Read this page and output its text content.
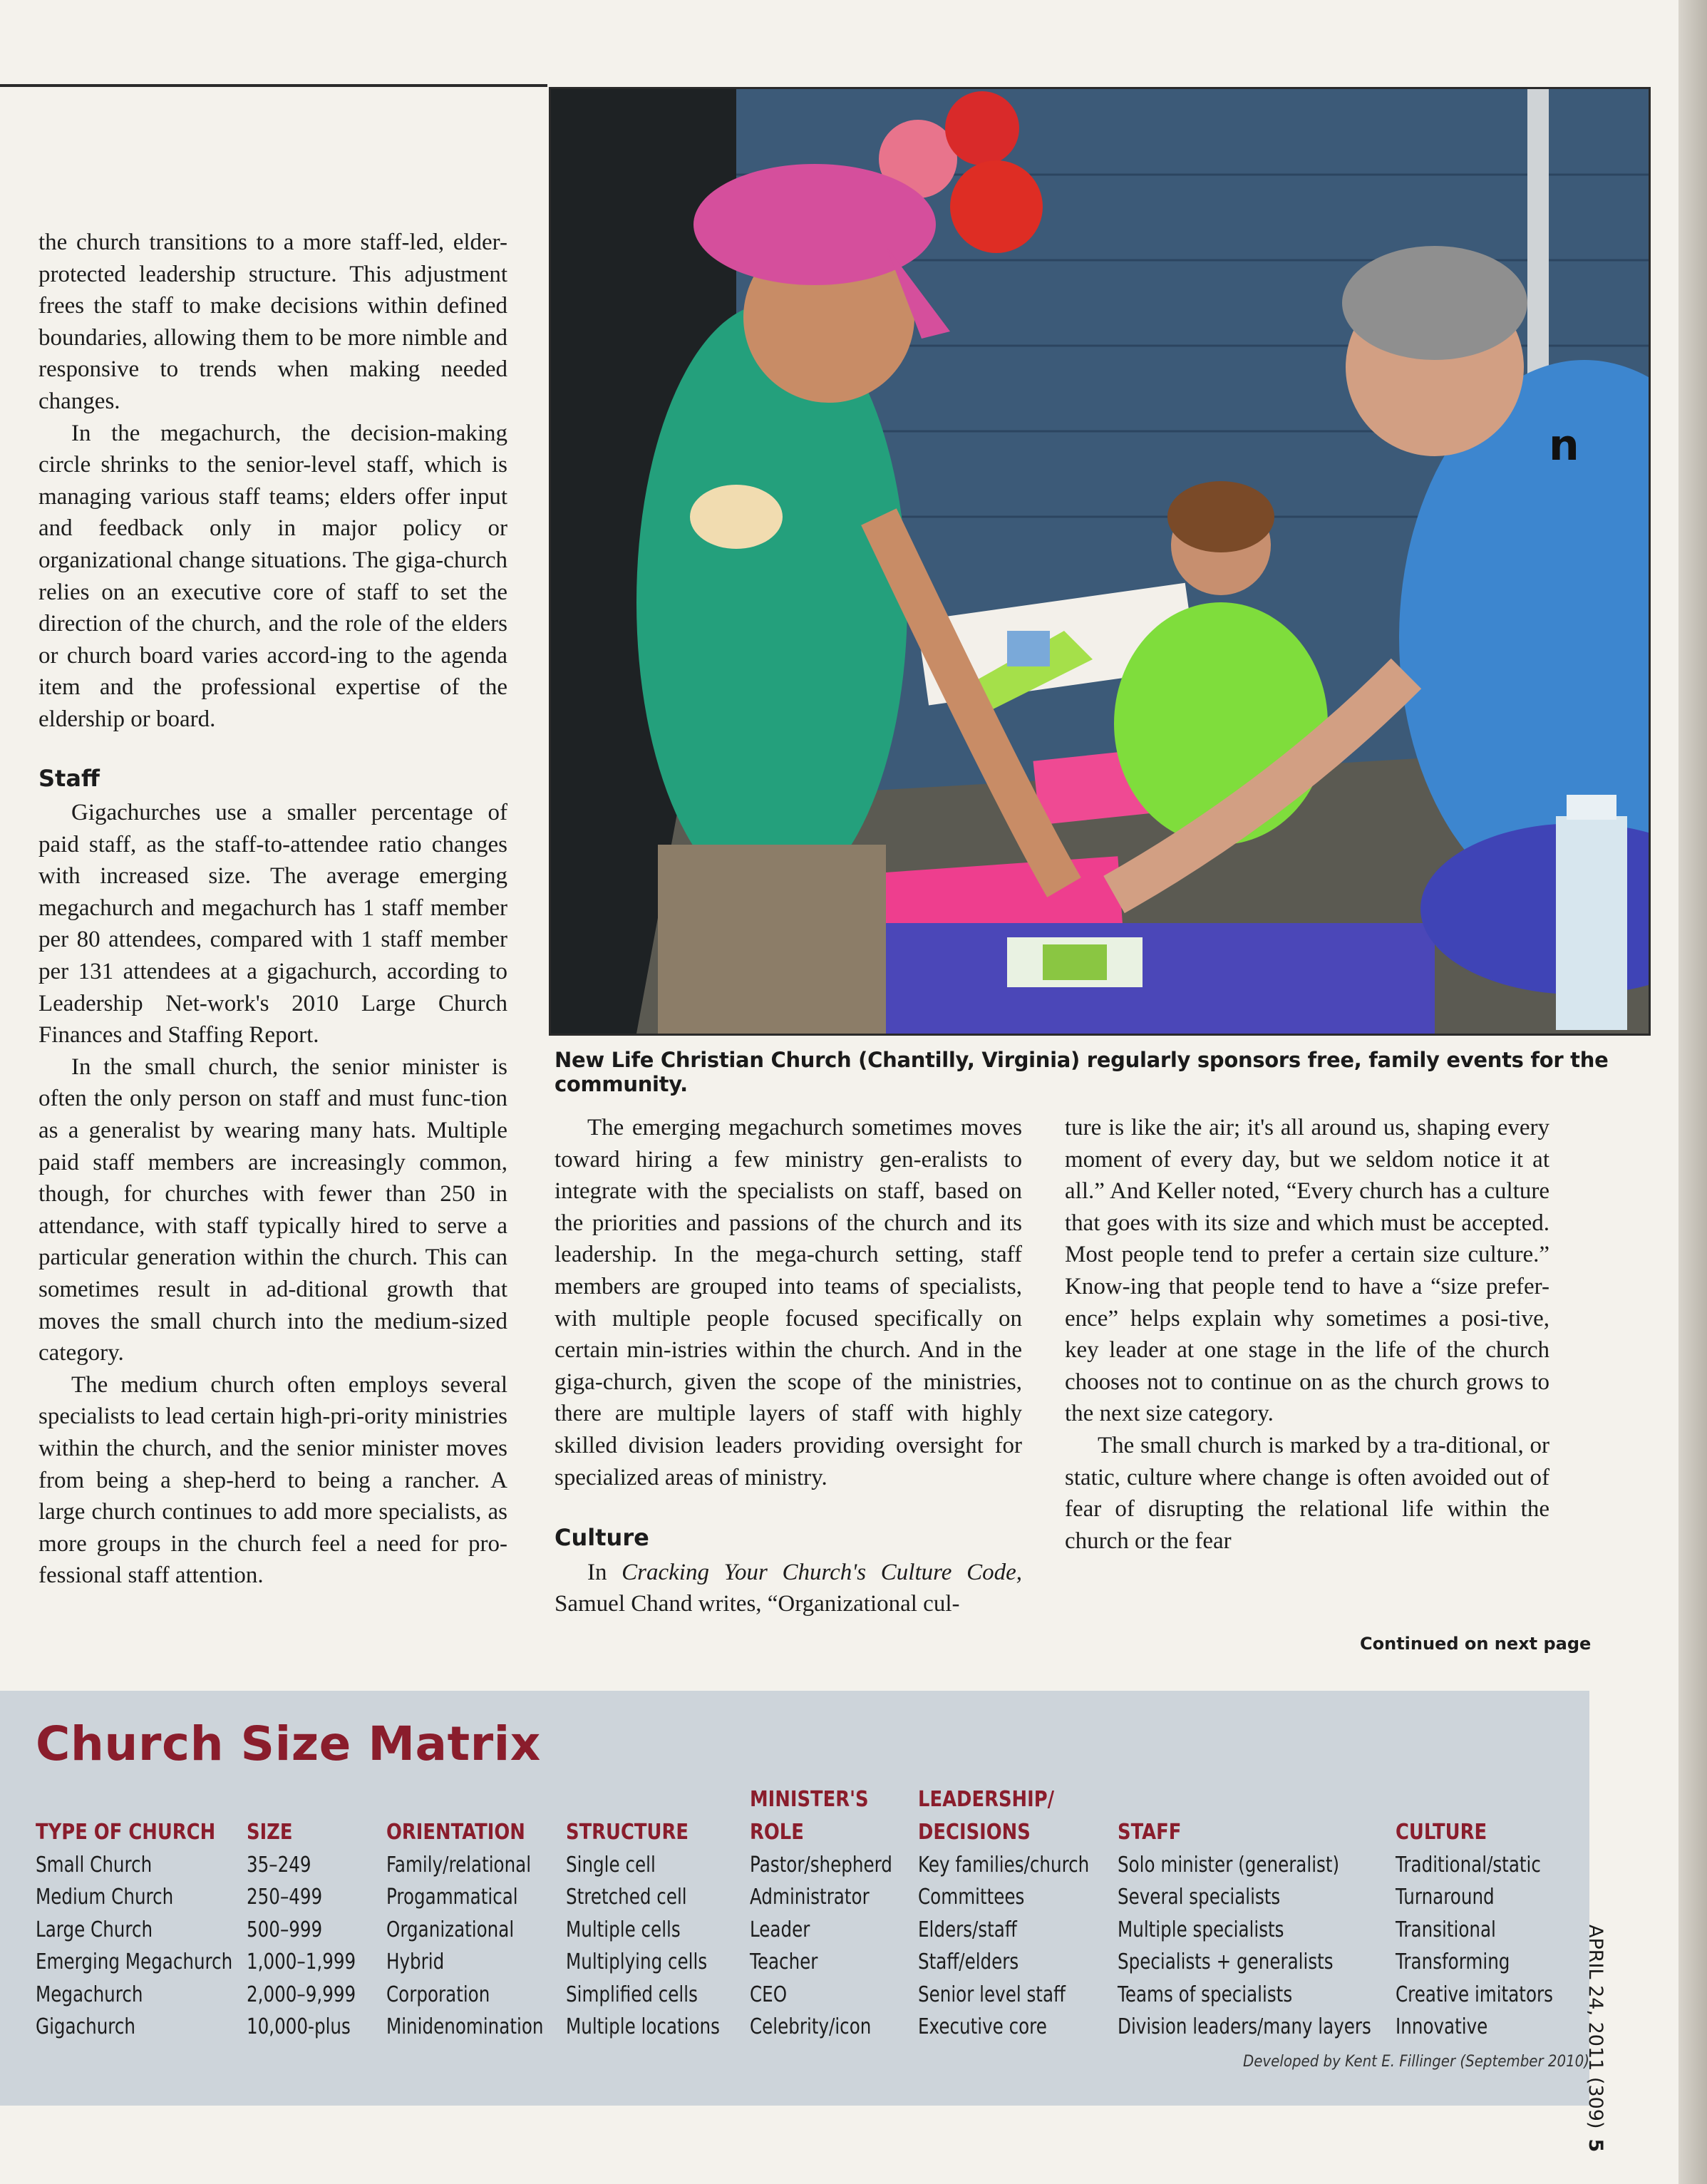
the church transitions to a more staff-led, elder-protected leadership structure. This adjustment frees the staff to make decisions within defined boundaries, allowing them to be more nimble and responsive to trends when making needed changes.

In the megachurch, the decision-making circle shrinks to the senior-level staff, which is managing various staff teams; elders offer input and feedback only in major policy or organizational change situations. The giga-church relies on an executive core of staff to set the direction of the church, and the role of the elders or church board varies accord-ing to the agenda item and the professional expertise of the eldership or board.

Staff

Gigachurches use a smaller percentage of paid staff, as the staff-to-attendee ratio changes with increased size. The average emerging megachurch and megachurch has 1 staff member per 80 attendees, compared with 1 staff member per 131 attendees at a gigachurch, according to Leadership Net-work's 2010 Large Church Finances and Staffing Report.

In the small church, the senior minister is often the only person on staff and must func-tion as a generalist by wearing many hats. Multiple paid staff members are increasingly common, though, for churches with fewer than 250 in attendance, with staff typically hired to serve a particular generation within the church. This can sometimes result in ad-ditional growth that moves the small church into the medium-sized category.

The medium church often employs several specialists to lead certain high-pri-ority ministries within the church, and the senior minister moves from being a shep-herd to being a rancher. A large church continues to add more specialists, as more groups in the church feel a need for pro-fessional staff attention.

n
New Life Christian Church (Chantilly, Virginia) regularly sponsors free, family events for the community.

The emerging megachurch sometimes moves toward hiring a few ministry gen-eralists to integrate with the specialists on staff, based on the priorities and passions of the church and its leadership. In the mega-church setting, staff members are grouped into teams of specialists, with multiple people focused specifically on certain min-istries within the church. And in the giga-church, given the scope of the ministries, there are multiple layers of staff with highly skilled division leaders providing oversight for specialized areas of ministry.

Culture

In Cracking Your Church's Culture Code, Samuel Chand writes, “Organizational cul-

ture is like the air; it's all around us, shaping every moment of every day, but we seldom notice it at all.” And Keller noted, “Every church has a culture that goes with its size and which must be accepted. Most people tend to prefer a certain size culture.” Know-ing that people tend to have a “size prefer-ence” helps explain why sometimes a posi-tive, key leader at one stage in the life of the church chooses not to continue on as the church grows to the next size category.

The small church is marked by a tra-ditional, or static, culture where change is often avoided out of fear of disrupting the relational life within the church or the fear

Continued on next page
Church Size Matrix
TYPE OF CHURCH
Small Church
Medium Church
Large Church
Emerging Megachurch
Megachurch
Gigachurch
SIZE
35–249
250–499
500–999
1,000–1,999
2,000–9,999
10,000-plus
ORIENTATION
Family/relational
Progammatical
Organizational
Hybrid
Corporation
Minidenomination
STRUCTURE
Single cell
Stretched cell
Multiple cells
Multiplying cells
Simplified cells
Multiple locations
MINISTER'S
ROLE
Pastor/shepherd
Administrator
Leader
Teacher
CEO
Celebrity/icon
LEADERSHIP/
DECISIONS
Key families/church
Committees
Elders/staff
Staff/elders
Senior level staff
Executive core
STAFF
Solo minister (generalist)
Several specialists
Multiple specialists
Specialists + generalists
Teams of specialists
Division leaders/many layers
CULTURE
Traditional/static
Turnaround
Transitional
Transforming
Creative imitators
Innovative
Developed by Kent E. Fillinger (September 2010)
APRIL 24, 2011 (309)5
